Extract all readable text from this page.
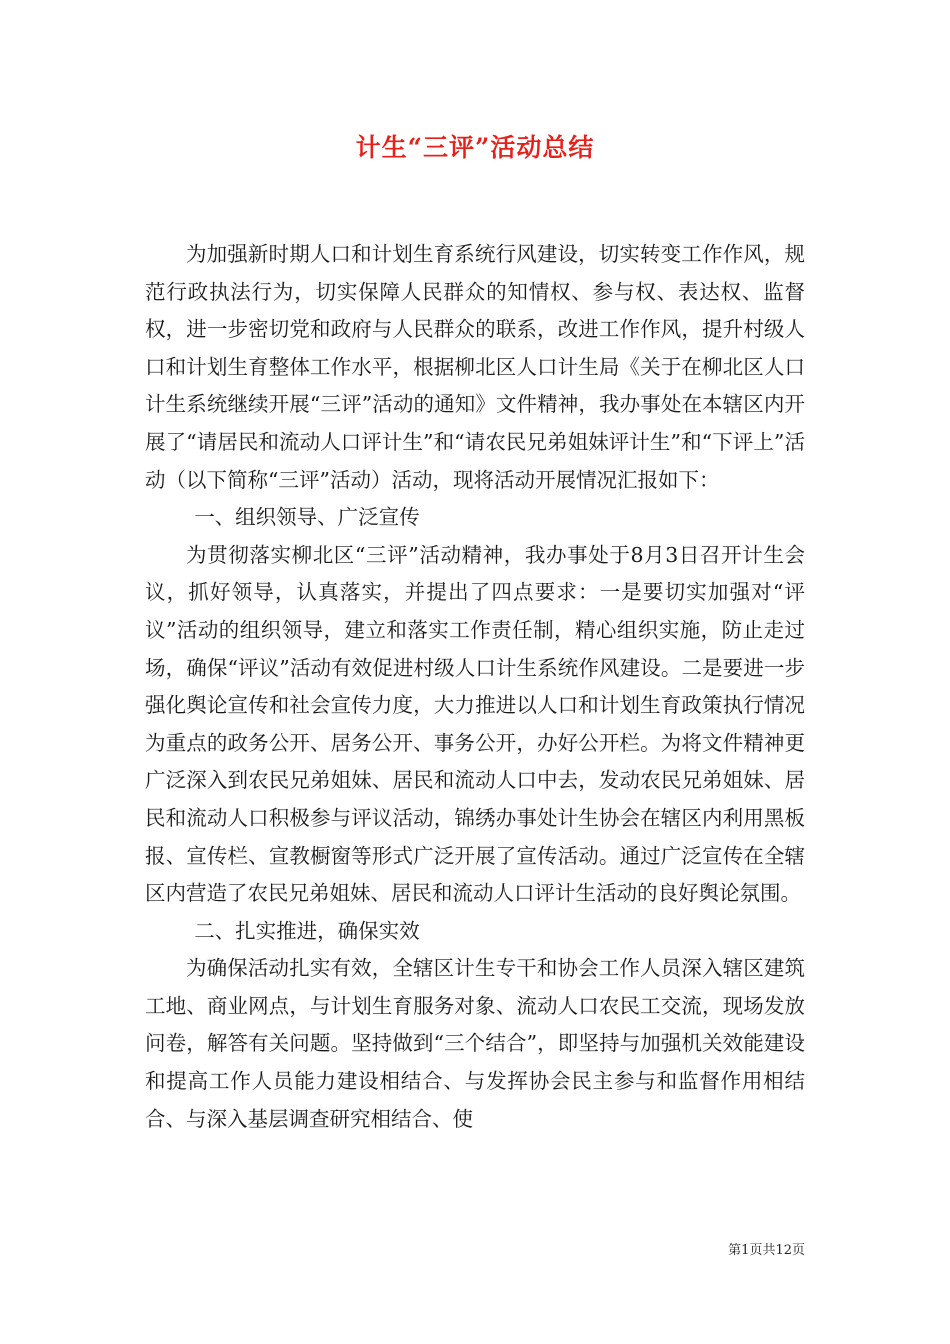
计生“三评”活动总结

为加强新时期人口和计划生育系统行风建设，切实转变工作作风，规范行政执法行为，切实保障人民群众的知情权、参与权、表达权、监督权，进一步密切党和政府与人民群众的联系，改进工作作风，提升村级人口和计划生育整体工作水平，根据柳北区人口计生局《关于在柳北区人口计生系统继续开展“三评”活动的通知》文件精神，我办事处在本辖区内开展了“请居民和流动人口评计生”和“请农民兄弟姐妹评计生”和“下评上”活动（以下简称“三评”活动）活动，现将活动开展情况汇报如下：

一、组织领导、广泛宣传

为贯彻落实柳北区“三评”活动精神，我办事处于8月3日召开计生会议，抓好领导，认真落实，并提出了四点要求：一是要切实加强对“评议”活动的组织领导，建立和落实工作责任制，精心组织实施，防止走过场，确保“评议”活动有效促进村级人口计生系统作风建设。二是要进一步强化舆论宣传和社会宣传力度，大力推进以人口和计划生育政策执行情况为重点的政务公开、居务公开、事务公开，办好公开栏。为将文件精神更广泛深入到农民兄弟姐妹、居民和流动人口中去，发动农民兄弟姐妹、居民和流动人口积极参与评议活动，锦绣办事处计生协会在辖区内利用黑板报、宣传栏、宣教橱窗等形式广泛开展了宣传活动。通过广泛宣传在全辖区内营造了农民兄弟姐妹、居民和流动人口评计生活动的良好舆论氛围。

二、扎实推进，确保实效

为确保活动扎实有效，全辖区计生专干和协会工作人员深入辖区建筑工地、商业网点，与计划生育服务对象、流动人口农民工交流，现场发放问卷，解答有关问题。坚持做到“三个结合”，即坚持与加强机关效能建设和提高工作人员能力建设相结合、与发挥协会民主参与和监督作用相结合、与深入基层调查研究相结合、使

第1页共12页
